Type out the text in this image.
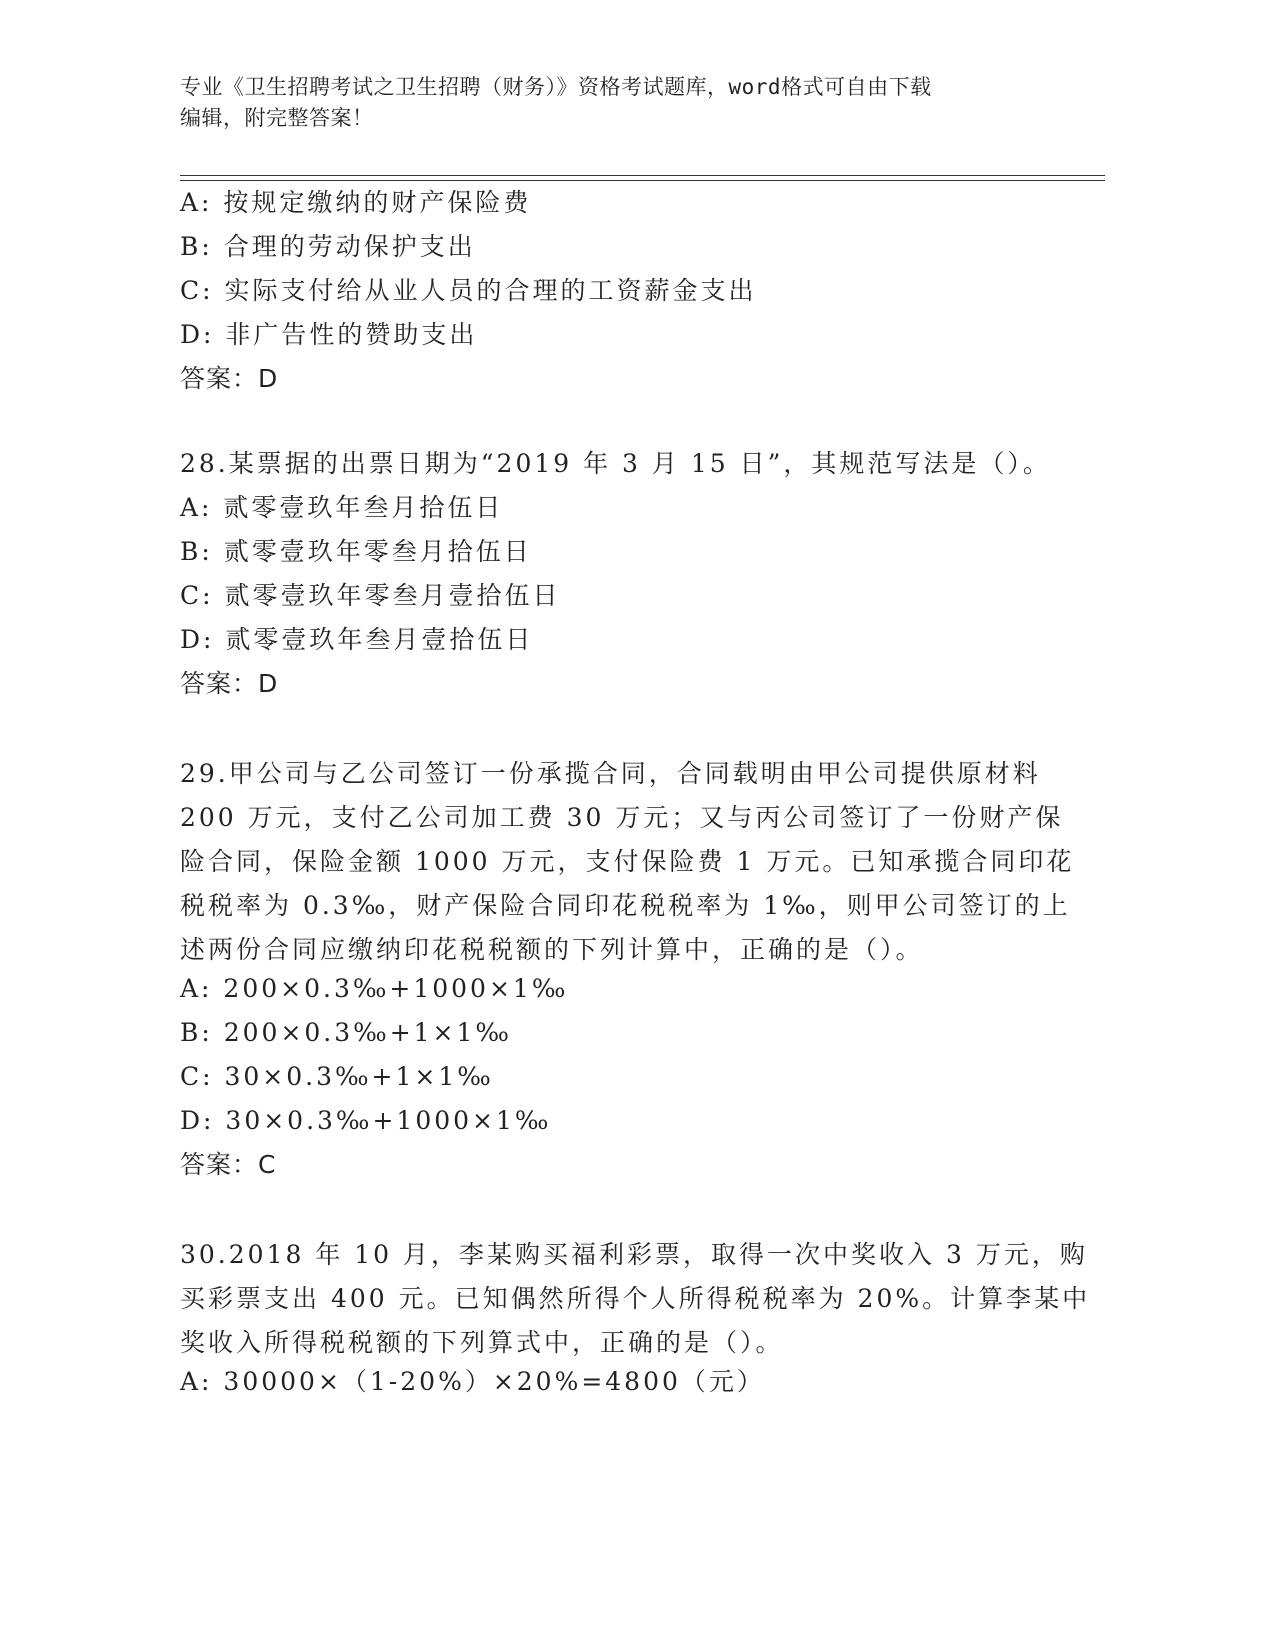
专业《卫生招聘考试之卫生招聘（财务）》资格考试题库，word格式可自由下载
编辑，附完整答案！
A: 按规定缴纳的财产保险费
B: 合理的劳动保护支出
C: 实际支付给从业人员的合理的工资薪金支出
D: 非广告性的赞助支出
答案：D
28.某票据的出票日期为“2019 年 3 月 15 日”，其规范写法是（）。
A: 贰零壹玖年叁月拾伍日
B: 贰零壹玖年零叁月拾伍日
C: 贰零壹玖年零叁月壹拾伍日
D: 贰零壹玖年叁月壹拾伍日
答案：D
29.甲公司与乙公司签订一份承揽合同，合同载明由甲公司提供原材料
200 万元，支付乙公司加工费 30 万元；又与丙公司签订了一份财产保
险合同，保险金额 1000 万元，支付保险费 1 万元。已知承揽合同印花
税税率为 0.3‰，财产保险合同印花税税率为 1‰，则甲公司签订的上
述两份合同应缴纳印花税税额的下列计算中，正确的是（）。
A: 200×0.3‰+1000×1‰
B: 200×0.3‰+1×1‰
C: 30×0.3‰+1×1‰
D: 30×0.3‰+1000×1‰
答案：C
30.2018 年 10 月，李某购买福利彩票，取得一次中奖收入 3 万元，购
买彩票支出 400 元。已知偶然所得个人所得税税率为 20%。计算李某中
奖收入所得税税额的下列算式中，正确的是（）。
A: 30000×（1-20%）×20%=4800（元）
